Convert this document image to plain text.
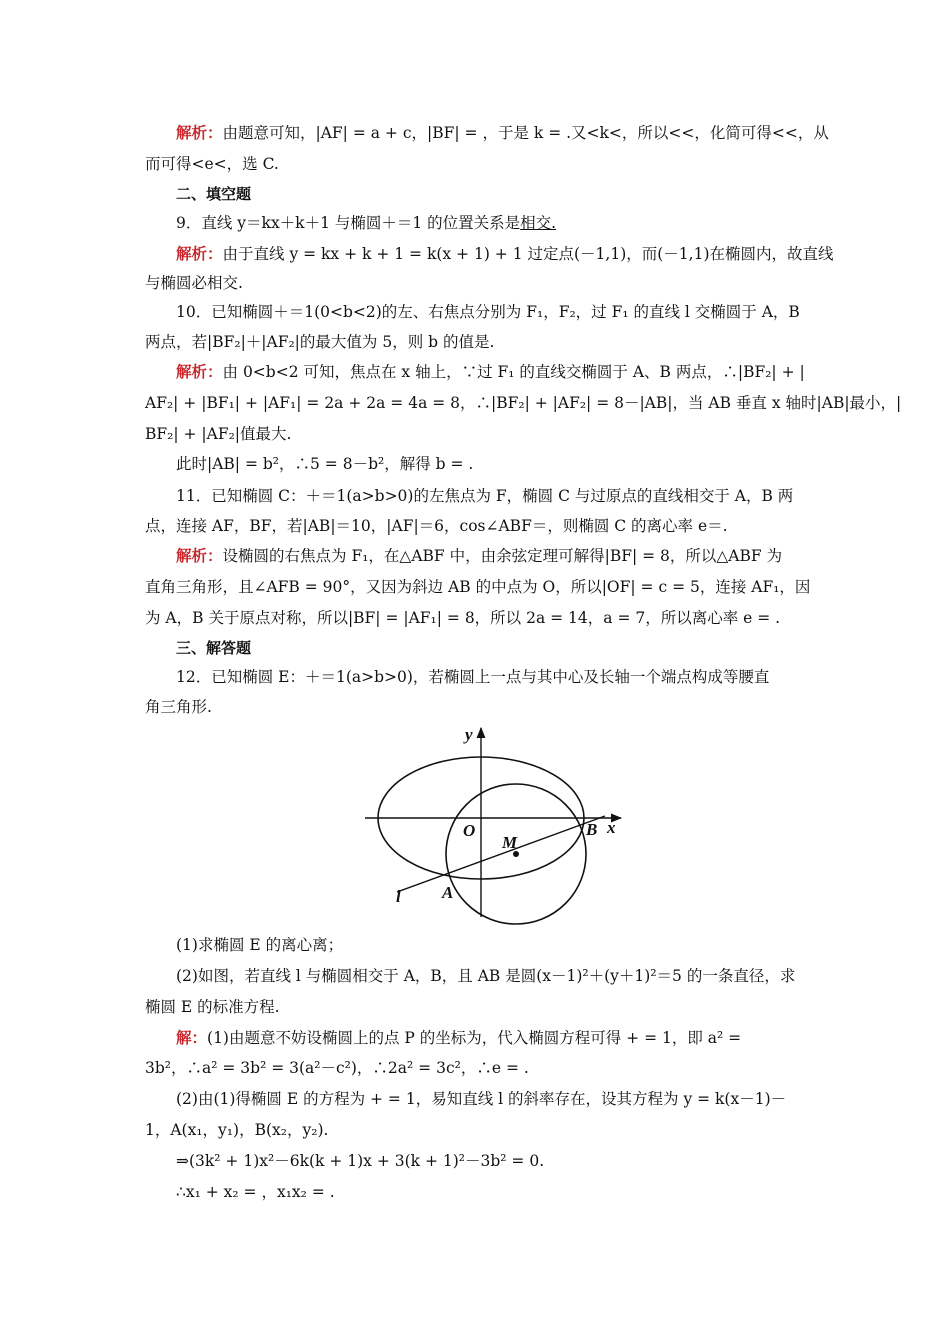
解析：由题意可知，|AF| = a + c，|BF| = ，于是 k = .又<k<，所以<<，化简可得<<，从
而可得<e<，选 C.
二、填空题
9．直线 y＝kx＋k＋1 与椭圆＋＝1 的位置关系是相交.
解析：由于直线 y = kx + k + 1 = k(x + 1) + 1 过定点(－1,1)，而(－1,1)在椭圆内，故直线
与椭圆必相交.
10．已知椭圆＋＝1(0<b<2)的左、右焦点分别为 F₁，F₂，过 F₁ 的直线 l 交椭圆于 A，B
两点，若|BF₂|＋|AF₂|的最大值为 5，则 b 的值是.
解析：由 0<b<2 可知，焦点在 x 轴上，∵过 F₁ 的直线交椭圆于 A、B 两点，∴|BF₂| + |
AF₂| + |BF₁| + |AF₁| = 2a + 2a = 4a = 8，∴|BF₂| + |AF₂| = 8－|AB|，当 AB 垂直 x 轴时|AB|最小，|
BF₂| + |AF₂|值最大.
此时|AB| = b²，∴5 = 8－b²，解得 b = .
11．已知椭圆 C：＋＝1(a>b>0)的左焦点为 F，椭圆 C 与过原点的直线相交于 A，B 两
点，连接 AF，BF，若|AB|＝10，|AF|＝6，cos∠ABF＝，则椭圆 C 的离心率 e＝.
解析：设椭圆的右焦点为 F₁，在△ABF 中，由余弦定理可解得|BF| = 8，所以△ABF 为
直角三角形，且∠AFB = 90°，又因为斜边 AB 的中点为 O，所以|OF| = c = 5，连接 AF₁，因
为 A，B 关于原点对称，所以|BF| = |AF₁| = 8，所以 2a = 14，a = 7，所以离心率 e = .
三、解答题
12．已知椭圆 E：＋＝1(a>b>0)，若椭圆上一点与其中心及长轴一个端点构成等腰直
角三角形.
y
x
O
M
B
A
l
(1)求椭圆 E 的离心离；
(2)如图，若直线 l 与椭圆相交于 A，B，且 AB 是圆(x－1)²＋(y＋1)²＝5 的一条直径，求
椭圆 E 的标准方程.
解：(1)由题意不妨设椭圆上的点 P 的坐标为，代入椭圆方程可得 + = 1，即 a² =
3b²，∴a² = 3b² = 3(a²－c²)，∴2a² = 3c²，∴e = .
(2)由(1)得椭圆 E 的方程为 + = 1，易知直线 l 的斜率存在，设其方程为 y = k(x－1)－
1，A(x₁，y₁)，B(x₂，y₂).
⇒(3k² + 1)x²－6k(k + 1)x + 3(k + 1)²－3b² = 0.
∴x₁ + x₂ = ，x₁x₂ = .
